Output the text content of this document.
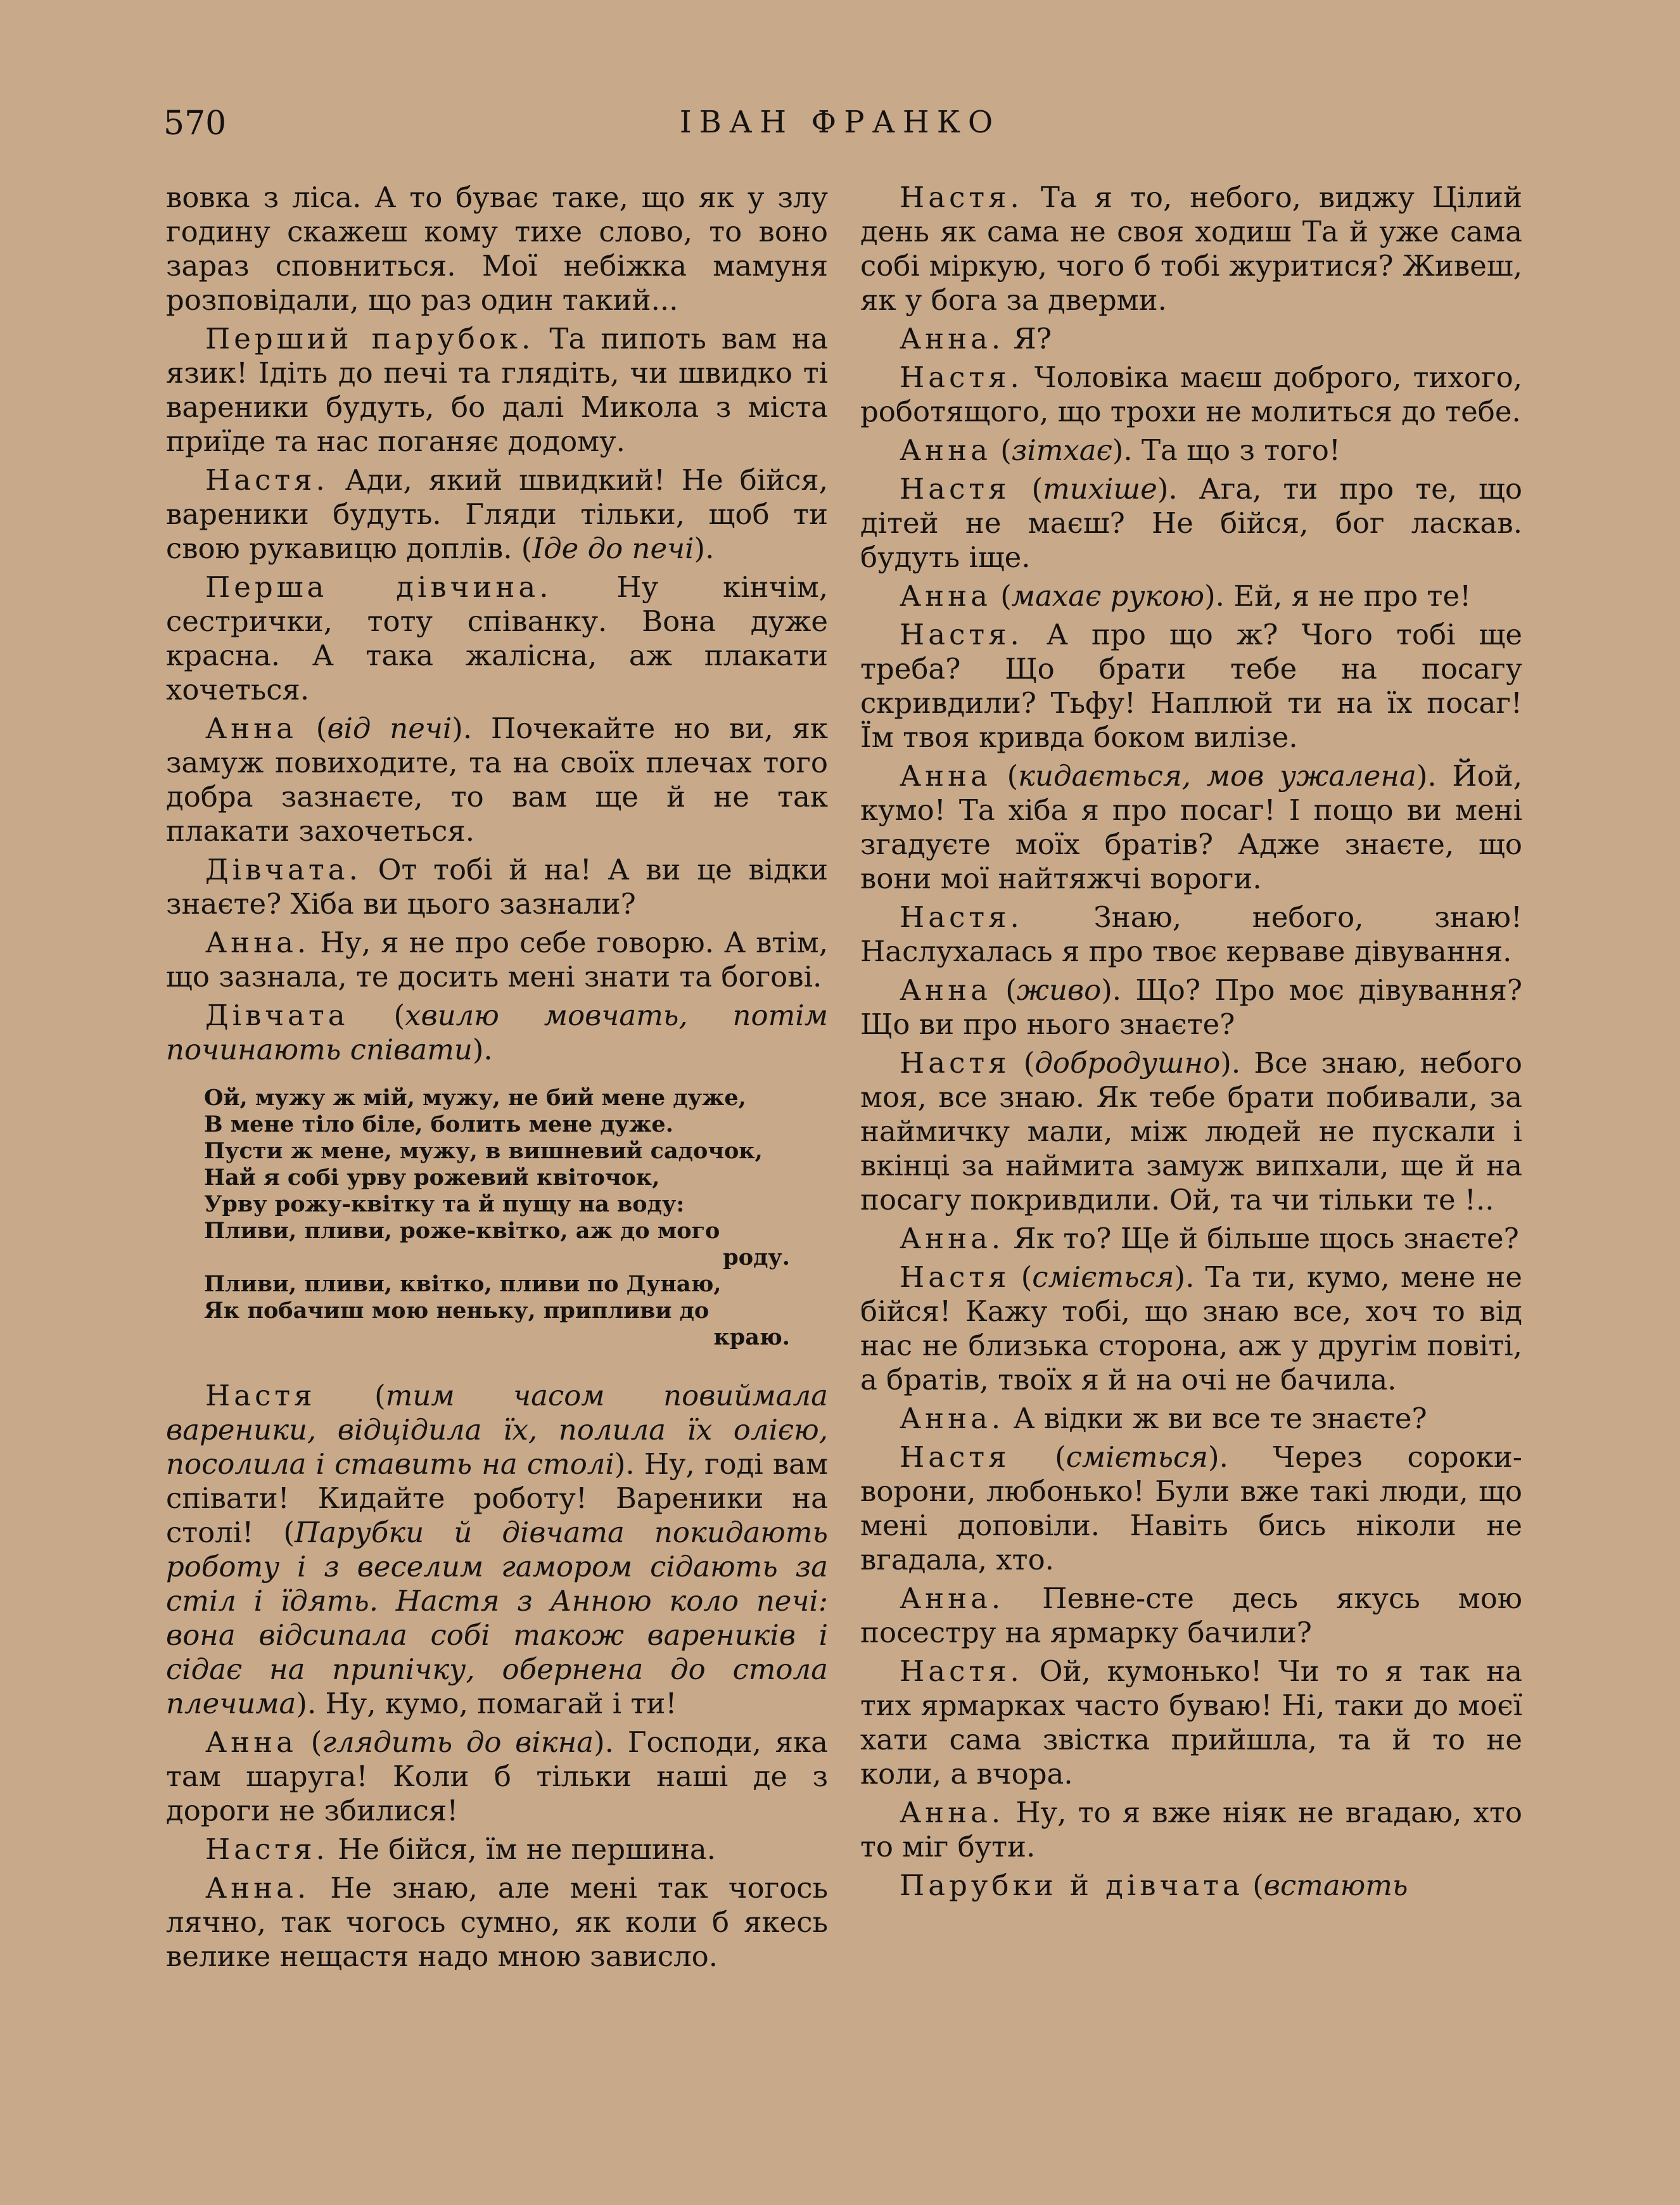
570	ІВАН ФРАНКО

вовка з ліса. А то буває таке, що як у злу годину скажеш кому тихе слово, то воно зараз сповниться. Мої небіжка мамуня розповідали, що раз один такий...

Перший парубок. Та пипоть вам на язик! Ідіть до печі та глядіть, чи швидко ті вареники будуть, бо далі Микола з міста приїде та нас поганяє додому.

Настя. Ади, який швидкий! Не бійся, вареники будуть. Гляди тільки, щоб ти свою рукавицю доплів. (Іде до печі).

Перша дівчина. Ну кінчім, сестрички, тоту співанку. Вона дуже красна. А така жалісна, аж плакати хочеться.

Анна (від печі). Почекайте но ви, як замуж повиходите, та на своїх плечах того добра зазнаєте, то вам ще й не так плакати захочеться.

Дівчата. От тобі й на! А ви це відки знаєте? Хіба ви цього зазнали?

Анна. Ну, я не про себе говорю. А втім, що зазнала, те досить мені знати та богові.

Дівчата (хвилю мовчать, потім починають співати).

Ой, мужу ж мій, мужу, не бий мене дуже,
В мене тіло біле, болить мене дуже.
Пусти ж мене, мужу, в вишневий садочок,
Най я собі урву рожевий квіточок,
Урву рожу-квітку та й пущу на воду:
Пливи, пливи, роже-квітко, аж до мого
роду.
Пливи, пливи, квітко, пливи по Дунаю,
Як побачиш мою неньку, припливи до
краю.

Настя (тим часом повиймала вареники, відцідила їх, полила їх олією, посолила і ставить на столі). Ну, годі вам співати! Кидайте роботу! Вареники на столі! (Парубки й дівчата покидають роботу і з веселим гамором сідають за стіл і їдять. Настя з Анною коло печі: вона відсипала собі також вареників і сідає на припічку, обернена до стола плечима). Ну, кумо, помагай і ти!

Анна (глядить до вікна). Господи, яка там шаруга! Коли б тільки наші де з дороги не збилися!

Настя. Не бійся, їм не першина.

Анна. Не знаю, але мені так чогось лячно, так чогось сумно, як коли б якесь велике нещастя надо мною зависло.

Настя. Та я то, небого, виджу Цілий день як сама не своя ходиш Та й уже сама собі міркую, чого б тобі журитися? Живеш, як у бога за дверми.

Анна. Я?

Настя. Чоловіка маєш доброго, тихого, роботящого, що трохи не молиться до тебе.

Анна (зітхає). Та що з того!

Настя (тихіше). Ага, ти про те, що дітей не маєш? Не бійся, бог ласкав. будуть іще.

Анна (махає рукою). Ей, я не про те!

Настя. А про що ж? Чого тобі ще треба? Що брати тебе на посагу скривдили? Тьфу! Наплюй ти на їх посаг! Їм твоя кривда боком вилізе.

Анна (кидається, мов ужалена). Йой, кумо! Та хіба я про посаг! І пощо ви мені згадуєте моїх братів? Адже знаєте, що вони мої найтяжчі вороги.

Настя. Знаю, небого, знаю! Наслухалась я про твоє керваве дівування.

Анна (живо). Що? Про моє дівування? Що ви про нього знаєте?

Настя (добродушно). Все знаю, небого моя, все знаю. Як тебе брати побивали, за наймичку мали, між людей не пускали і вкінці за наймита замуж випхали, ще й на посагу покривдили. Ой, та чи тільки те !..

Анна. Як то? Ще й більше щось знаєте?

Настя (сміється). Та ти, кумо, мене не бійся! Кажу тобі, що знаю все, хоч то від нас не близька сторона, аж у другім повіті, а братів, твоїх я й на очі не бачила.

Анна. А відки ж ви все те знаєте?

Настя (сміється). Через сороки-ворони, любонько! Були вже такі люди, що мені доповіли. Навіть бись ніколи не вгадала, хто.

Анна. Певне-сте десь якусь мою посестру на ярмарку бачили?

Настя. Ой, кумонько! Чи то я так на тих ярмарках часто буваю! Ні, таки до моєї хати сама звістка прийшла, та й то не коли, а вчора.

Анна. Ну, то я вже ніяк не вгадаю, хто то міг бути.

Парубки й дівчата (встають
